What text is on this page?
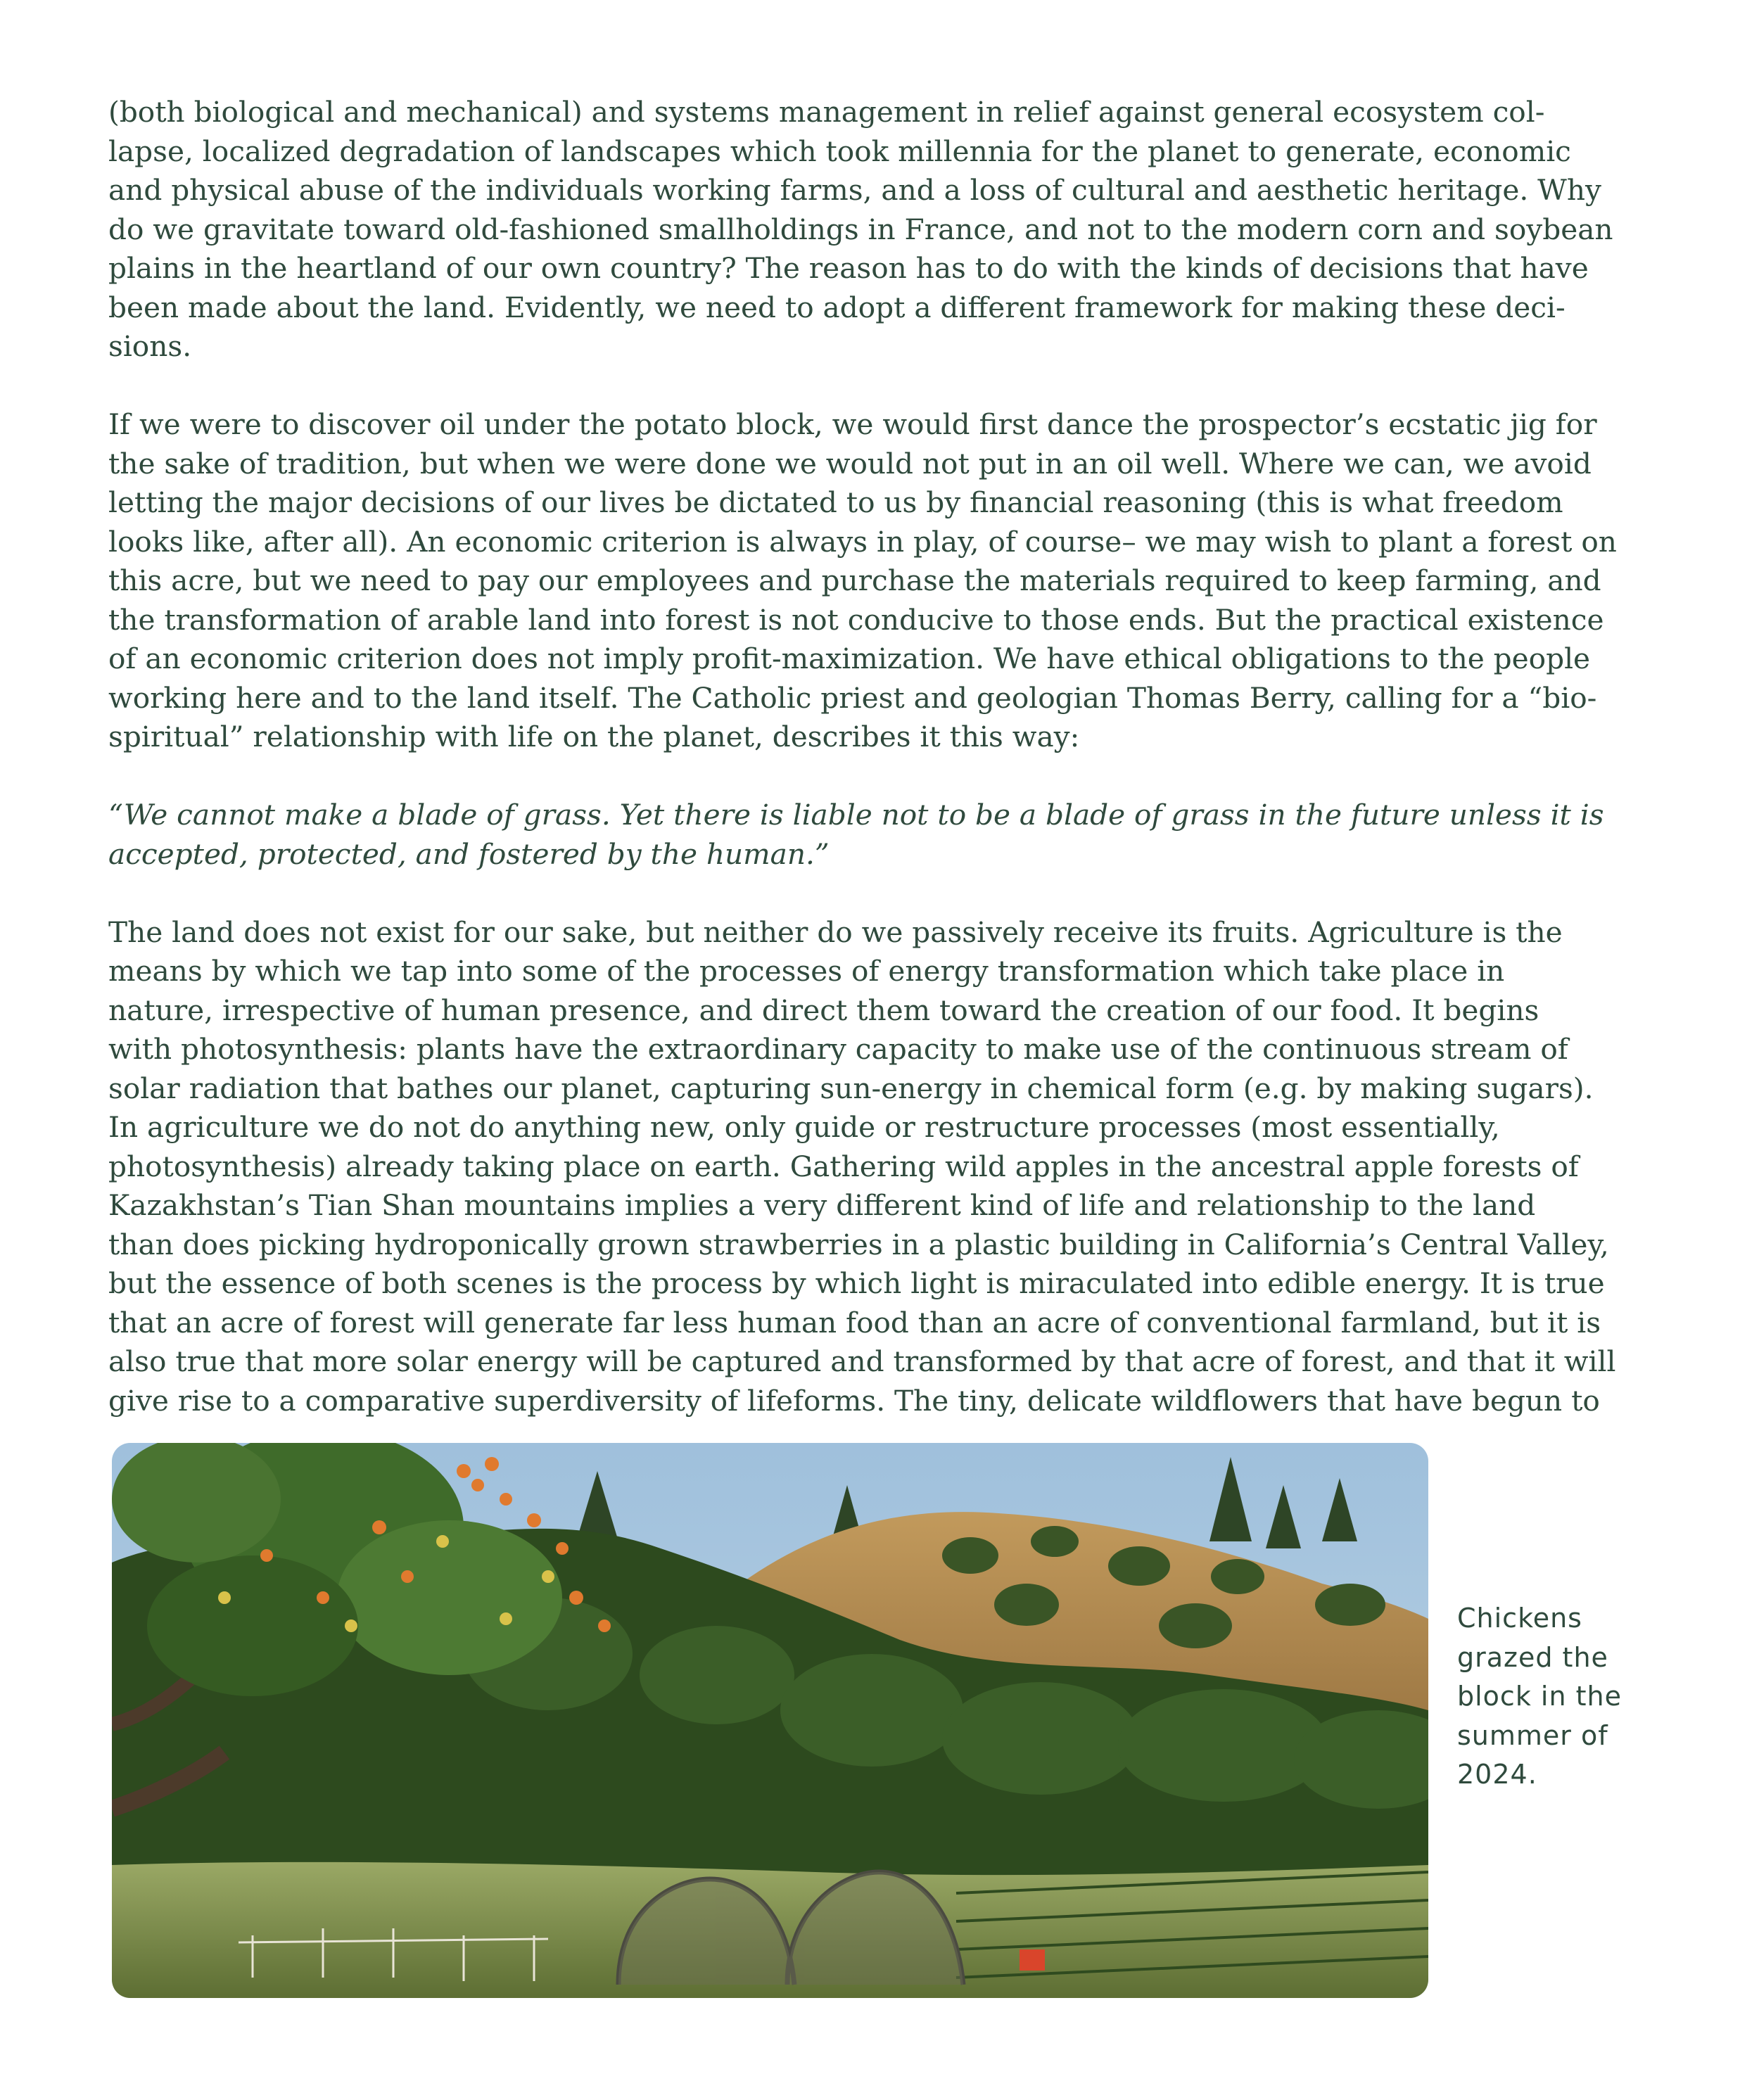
(both biological and mechanical) and systems management in relief against general ecosystem col-
lapse, localized degradation of landscapes which took millennia for the planet to generate, economic
and physical abuse of the individuals working farms, and a loss of cultural and aesthetic heritage. Why
do we gravitate toward old-fashioned smallholdings in France, and not to the modern corn and soybean
plains in the heartland of our own country? The reason has to do with the kinds of decisions that have
been made about the land. Evidently, we need to adopt a different framework for making these deci-
sions.

If we were to discover oil under the potato block, we would first dance the prospector’s ecstatic jig for
the sake of tradition, but when we were done we would not put in an oil well. Where we can, we avoid
letting the major decisions of our lives be dictated to us by financial reasoning (this is what freedom
looks like, after all). An economic criterion is always in play, of course– we may wish to plant a forest on
this acre, but we need to pay our employees and purchase the materials required to keep farming, and
the transformation of arable land into forest is not conducive to those ends. But the practical existence
of an economic criterion does not imply profit-maximization. We have ethical obligations to the people
working here and to the land itself. The Catholic priest and geologian Thomas Berry, calling for a “bio-
spiritual” relationship with life on the planet, describes it this way:

“We cannot make a blade of grass. Yet there is liable not to be a blade of grass in the future unless it is
accepted, protected, and fostered by the human.”

The land does not exist for our sake, but neither do we passively receive its fruits. Agriculture is the
means by which we tap into some of the processes of energy transformation which take place in
nature, irrespective of human presence, and direct them toward the creation of our food. It begins
with photosynthesis: plants have the extraordinary capacity to make use of the continuous stream of
solar radiation that bathes our planet, capturing sun-energy in chemical form (e.g. by making sugars).
In agriculture we do not do anything new, only guide or restructure processes (most essentially,
photosynthesis) already taking place on earth. Gathering wild apples in the ancestral apple forests of
Kazakhstan’s Tian Shan mountains implies a very different kind of life and relationship to the land
than does picking hydroponically grown strawberries in a plastic building in California’s Central Valley,
but the essence of both scenes is the process by which light is miraculated into edible energy. It is true
that an acre of forest will generate far less human food than an acre of conventional farmland, but it is
also true that more solar energy will be captured and transformed by that acre of forest, and that it will
give rise to a comparative superdiversity of lifeforms. The tiny, delicate wildflowers that have begun to

Chickens
grazed the
block in the
summer of
2024.
